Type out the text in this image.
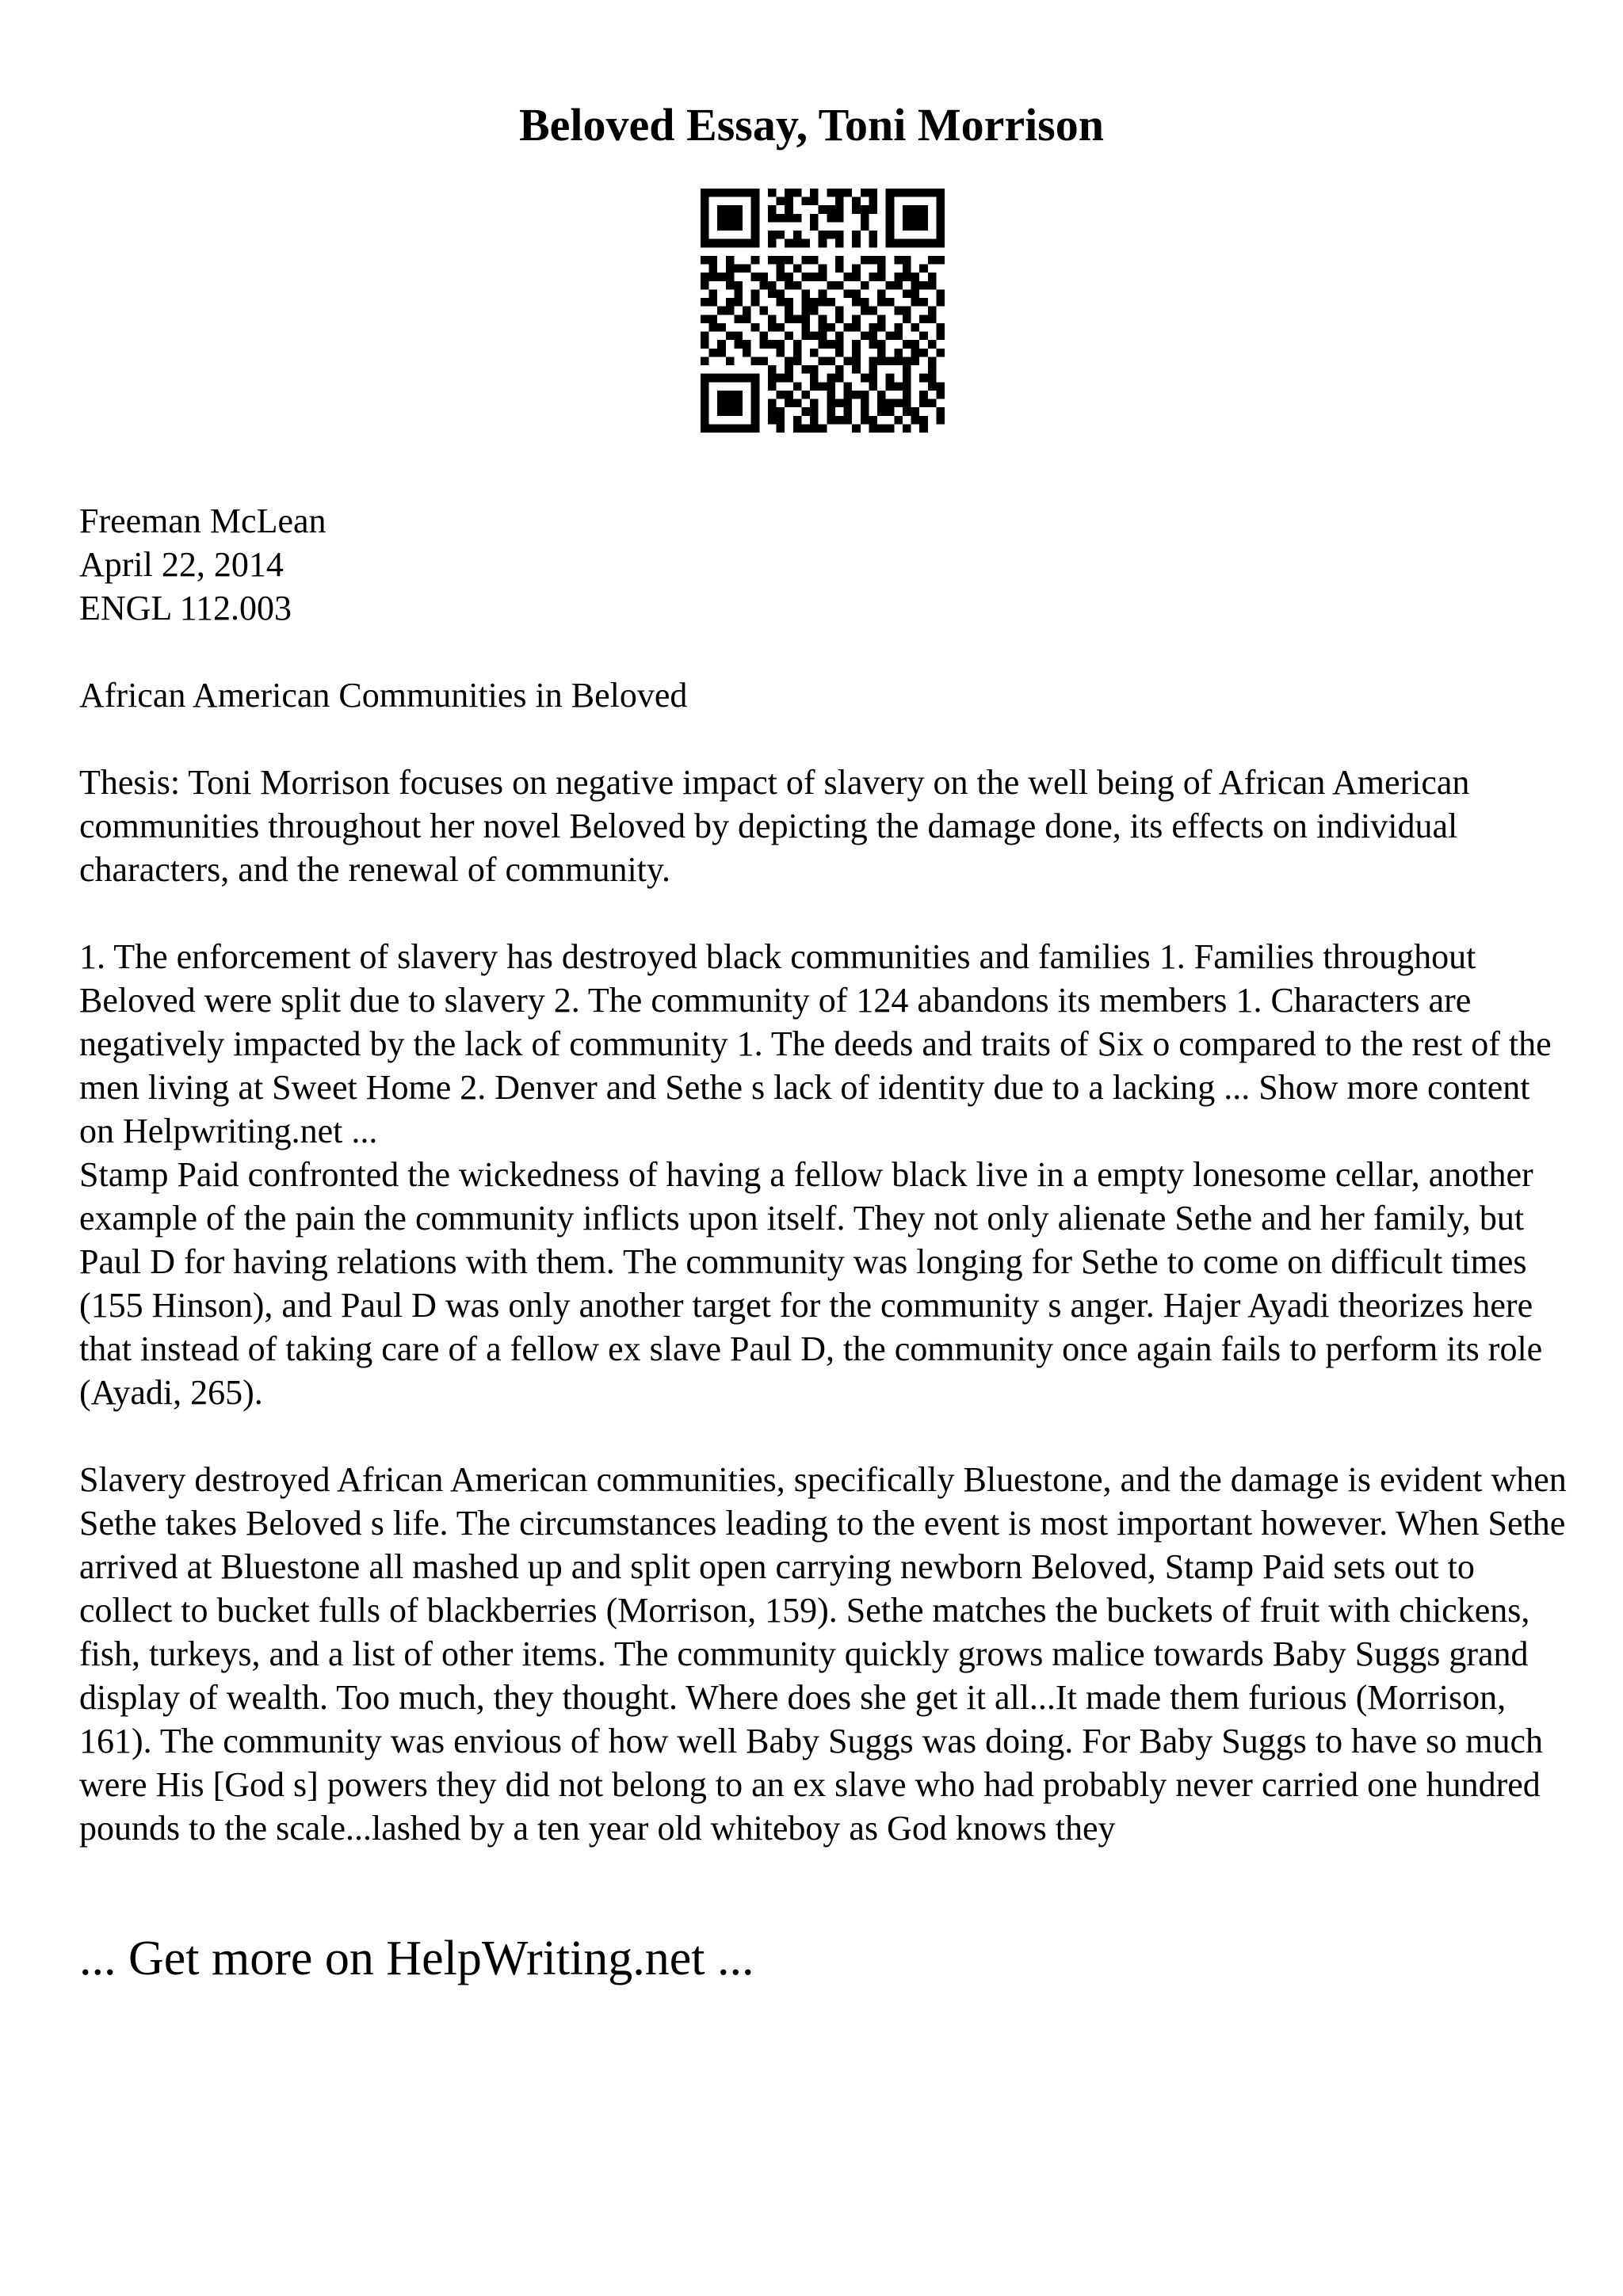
Beloved Essay, Toni Morrison

Freeman McLean
April 22, 2014
ENGL 112.003

African American Communities in Beloved

Thesis: Toni Morrison focuses on negative impact of slavery on the well being of African American communities throughout her novel Beloved by depicting the damage done, its effects on individual characters, and the renewal of community.

1. The enforcement of slavery has destroyed black communities and families 1. Families throughout Beloved were split due to slavery 2. The community of 124 abandons its members 1. Characters are negatively impacted by the lack of community 1. The deeds and traits of Six o compared to the rest of the men living at Sweet Home 2. Denver and Sethe s lack of identity due to a lacking ... Show more content on Helpwriting.net ...

Stamp Paid confronted the wickedness of having a fellow black live in a empty lonesome cellar, another example of the pain the community inflicts upon itself. They not only alienate Sethe and her family, but Paul D for having relations with them. The community was longing for Sethe to come on difficult times (155 Hinson), and Paul D was only another target for the community s anger. Hajer Ayadi theorizes here that instead of taking care of a fellow ex slave Paul D, the community once again fails to perform its role (Ayadi, 265).

Slavery destroyed African American communities, specifically Bluestone, and the damage is evident when Sethe takes Beloved s life. The circumstances leading to the event is most important however. When Sethe arrived at Bluestone all mashed up and split open carrying newborn Beloved, Stamp Paid sets out to collect to bucket fulls of blackberries (Morrison, 159). Sethe matches the buckets of fruit with chickens, fish, turkeys, and a list of other items. The community quickly grows malice towards Baby Suggs grand display of wealth. Too much, they thought. Where does she get it all...It made them furious (Morrison, 161). The community was envious of how well Baby Suggs was doing. For Baby Suggs to have so much were His [God s] powers they did not belong to an ex slave who had probably never carried one hundred pounds to the scale...lashed by a ten year old whiteboy as God knows they

... Get more on HelpWriting.net ...
